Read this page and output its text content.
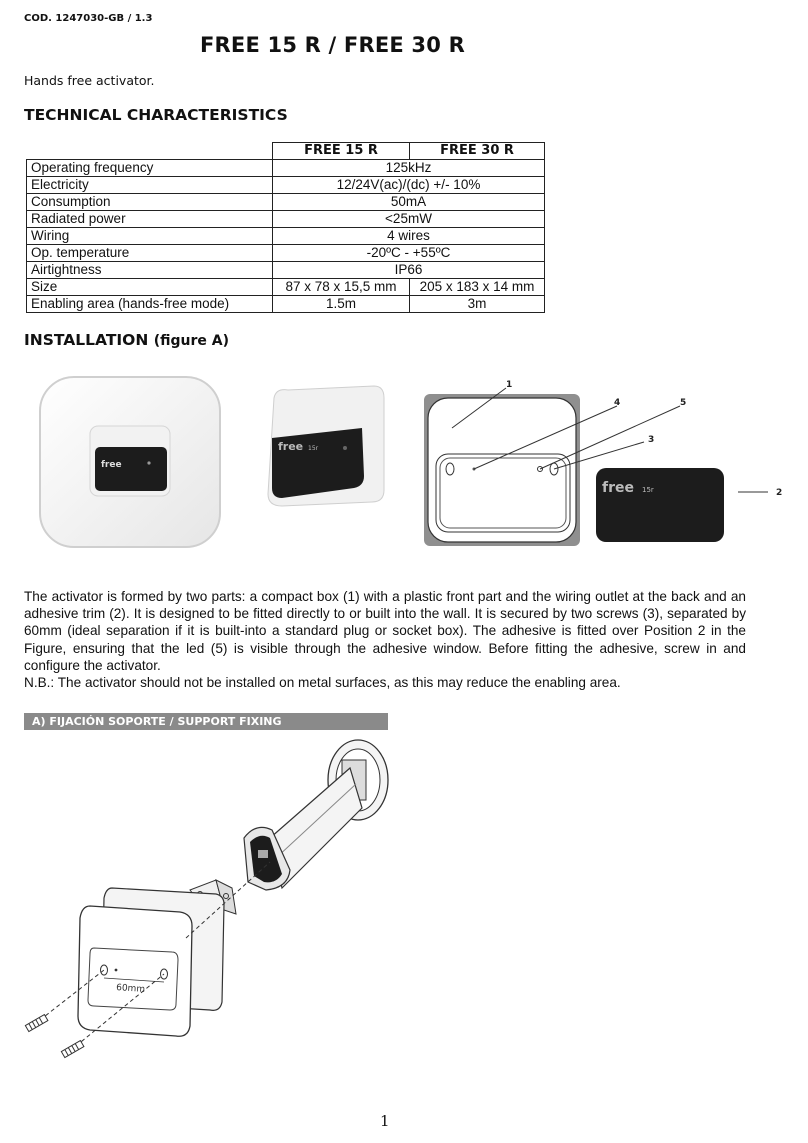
COD. 1247030-GB / 1.3
FREE 15 R / FREE 30 R
Hands free activator.
TECHNICAL CHARACTERISTICS
	FREE 15 R	FREE 30 R
Operating frequency	125kHz	
Electricity	12/24V(ac)/(dc) +/- 10%	
Consumption	50mA	
Radiated power	<25mW	
Wiring	4 wires	
Op. temperature	-20ºC - +55ºC	
Airtightness	IP66	
Size	87 x 78 x 15,5 mm	205 x 183 x 14 mm
Enabling area (hands-free mode)	1.5m	3m
INSTALLATION (figure A)
free
free 15r
free 15r
1
2
3
4	5

The activator is formed by two parts: a compact box (1) with a plastic front part and the wiring outlet at the back and an adhesive trim (2). It is designed to be fitted directly to or built into the wall. It is secured by two screws (3), separated by 60mm (ideal separation if it is built-into a standard plug or socket box). The adhesive is fitted over Position 2 in the Figure, ensuring that the led (5) is visible through the adhesive window. Before fitting the adhesive, screw in and configure the activator.

N.B.: The activator should not be installed on metal surfaces, as this may reduce the enabling area.

A) FIJACIÓN SOPORTE / SUPPORT FIXING
60mm
1
